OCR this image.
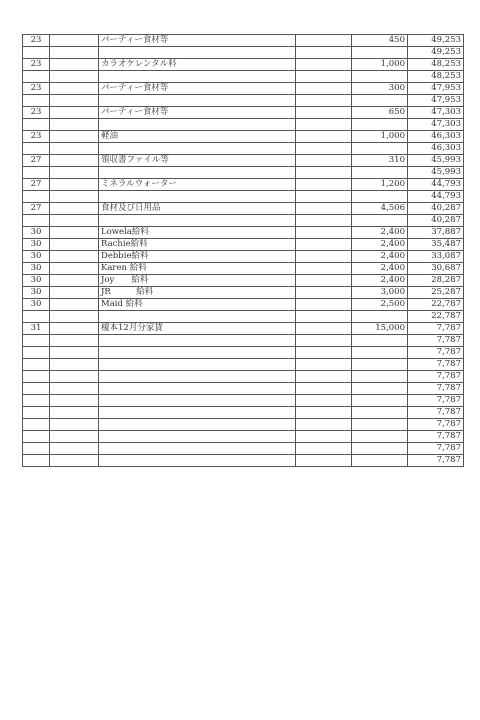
23		パーティー食材等		450	49,253
					49,253
23		カラオケレンタル料		1,000	48,253
					48,253
23		パーティー食材等		300	47,953
					47,953
23		パーティー食材等		650	47,303
					47,303
23		軽油		1,000	46,303
					46,303
27		領収書ファイル等		310	45,993
					45,993
27		ミネラルウォーター		1,200	44,793
					44,793
27		食材及び日用品		4,506	40,287
					40,287
30		Lowela給料		2,400	37,887
30		Rachie給料		2,400	35,487
30		Debbie給料		2,400	33,087
30		Karen 給料		2,400	30,687
30		Joy　　給料		2,400	28,287
30		JR　　　給料		3,000	25,287
30		Maid 給料		2,500	22,787
					22,787
31		榎本12月分家賃		15,000	7,787
					7,787
					7,787
					7,787
					7,787
					7,787
					7,787
					7,787
					7,787
					7,787
					7,787
					7,787
